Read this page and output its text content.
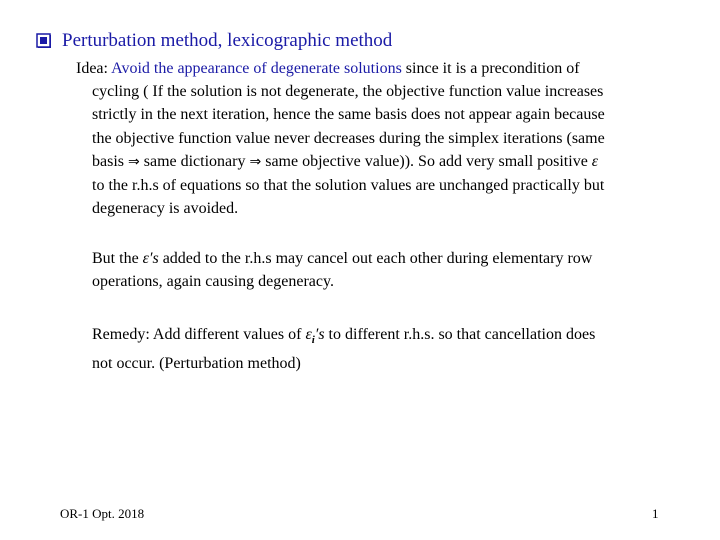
Perturbation method, lexicographic method
Idea: Avoid the appearance of degenerate solutions since it is a precondition of
cycling ( If the solution is not degenerate, the objective function value increases
strictly in the next iteration, hence the same basis does not appear again because
the objective function value never decreases during the simplex iterations (same
basis ⇒ same dictionary ⇒ same objective value)). So add very small positive ε
to the r.h.s of equations so that the solution values are unchanged practically but
degeneracy is avoided.
But the ε′s added to the r.h.s may cancel out each other during elementary row
operations, again causing degeneracy.
Remedy: Add different values of $\varepsilon_i's$ to different r.h.s. so that cancellation does
not occur. (Perturbation method)
OR-1 Opt. 2018	1
